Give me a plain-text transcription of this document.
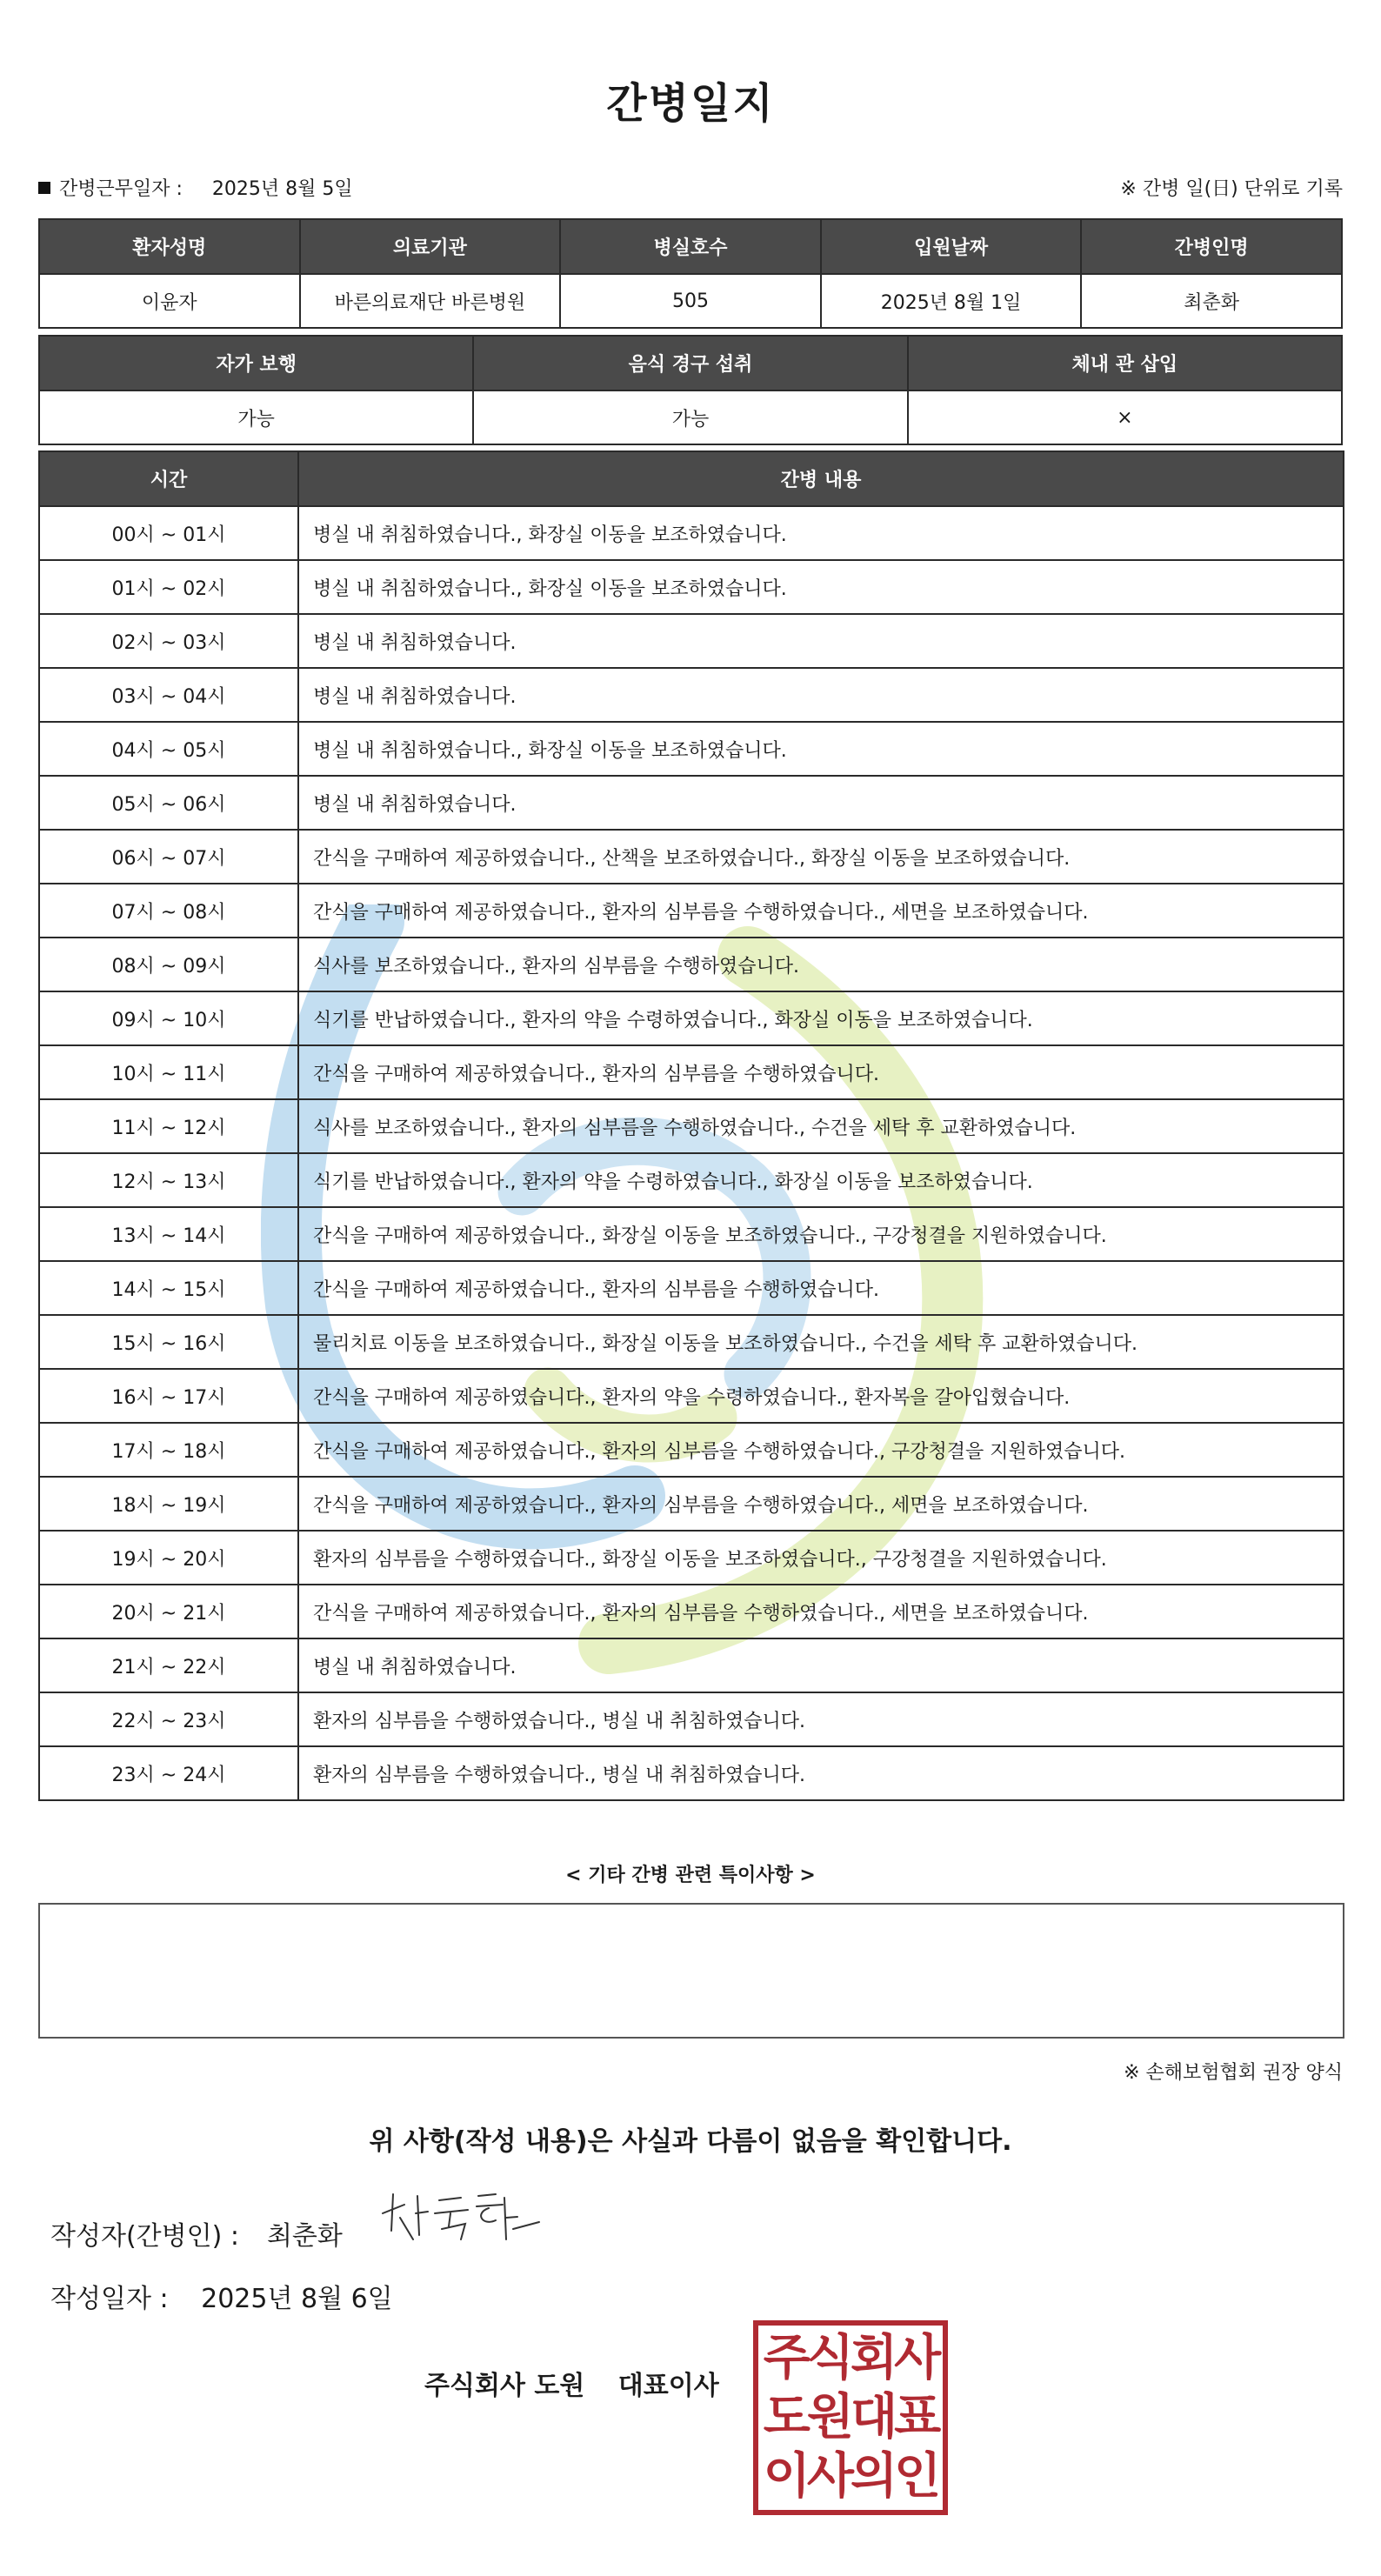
간병일지
간병근무일자 : 2025년 8월 5일	※ 간병 일(日) 단위로 기록
환자성명	의료기관	병실호수	입원날짜	간병인명
이윤자	바른의료재단 바른병원	505	2025년 8월 1일	최춘화
자가 보행	음식 경구 섭취	체내 관 삽입
가능	가능	×
시간	간병 내용
00시 ~ 01시	병실 내 취침하였습니다., 화장실 이동을 보조하였습니다.
01시 ~ 02시	병실 내 취침하였습니다., 화장실 이동을 보조하였습니다.
02시 ~ 03시	병실 내 취침하였습니다.
03시 ~ 04시	병실 내 취침하였습니다.
04시 ~ 05시	병실 내 취침하였습니다., 화장실 이동을 보조하였습니다.
05시 ~ 06시	병실 내 취침하였습니다.
06시 ~ 07시	간식을 구매하여 제공하였습니다., 산책을 보조하였습니다., 화장실 이동을 보조하였습니다.
07시 ~ 08시	간식을 구매하여 제공하였습니다., 환자의 심부름을 수행하였습니다., 세면을 보조하였습니다.
08시 ~ 09시	식사를 보조하였습니다., 환자의 심부름을 수행하였습니다.
09시 ~ 10시	식기를 반납하였습니다., 환자의 약을 수령하였습니다., 화장실 이동을 보조하였습니다.
10시 ~ 11시	간식을 구매하여 제공하였습니다., 환자의 심부름을 수행하였습니다.
11시 ~ 12시	식사를 보조하였습니다., 환자의 심부름을 수행하였습니다., 수건을 세탁 후 교환하였습니다.
12시 ~ 13시	식기를 반납하였습니다., 환자의 약을 수령하였습니다., 화장실 이동을 보조하였습니다.
13시 ~ 14시	간식을 구매하여 제공하였습니다., 화장실 이동을 보조하였습니다., 구강청결을 지원하였습니다.
14시 ~ 15시	간식을 구매하여 제공하였습니다., 환자의 심부름을 수행하였습니다.
15시 ~ 16시	물리치료 이동을 보조하였습니다., 화장실 이동을 보조하였습니다., 수건을 세탁 후 교환하였습니다.
16시 ~ 17시	간식을 구매하여 제공하였습니다., 환자의 약을 수령하였습니다., 환자복을 갈아입혔습니다.
17시 ~ 18시	간식을 구매하여 제공하였습니다., 환자의 심부름을 수행하였습니다., 구강청결을 지원하였습니다.
18시 ~ 19시	간식을 구매하여 제공하였습니다., 환자의 심부름을 수행하였습니다., 세면을 보조하였습니다.
19시 ~ 20시	환자의 심부름을 수행하였습니다., 화장실 이동을 보조하였습니다., 구강청결을 지원하였습니다.
20시 ~ 21시	간식을 구매하여 제공하였습니다., 환자의 심부름을 수행하였습니다., 세면을 보조하였습니다.
21시 ~ 22시	병실 내 취침하였습니다.
22시 ~ 23시	환자의 심부름을 수행하였습니다., 병실 내 취침하였습니다.
23시 ~ 24시	환자의 심부름을 수행하였습니다., 병실 내 취침하였습니다.
< 기타 간병 관련 특이사항 >
※ 손해보험협회 권장 양식
위 사항(작성 내용)은 사실과 다름이 없음을 확인합니다.
작성자(간병인) : 최춘화
작성일자 : 2025년 8월 6일
주식회사 도원 대표이사 주식회사
도원대표
이사의인
